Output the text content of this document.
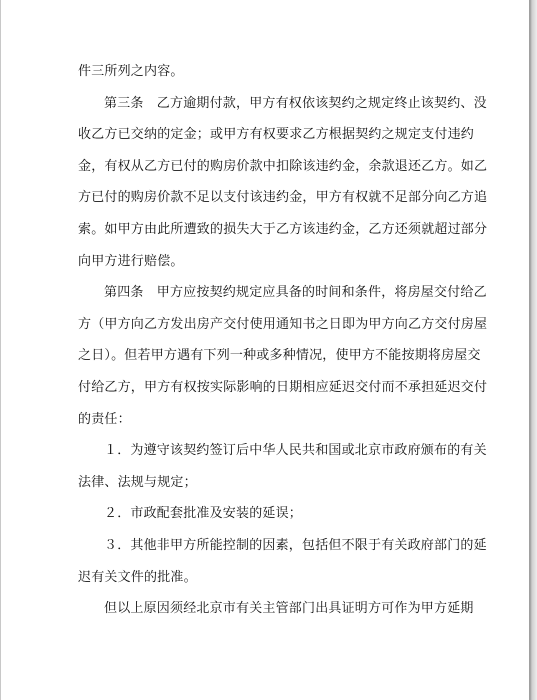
件三所列之内容。
第三条　乙方逾期付款，甲方有权依该契约之规定终止该契约、没
收乙方已交纳的定金；或甲方有权要求乙方根据契约之规定支付违约
金，有权从乙方已付的购房价款中扣除该违约金，余款退还乙方。如乙
方已付的购房价款不足以支付该违约金，甲方有权就不足部分向乙方追
索。如甲方由此所遭致的损失大于乙方该违约金，乙方还须就超过部分
向甲方进行赔偿。
第四条　甲方应按契约规定应具备的时间和条件，将房屋交付给乙
方（甲方向乙方发出房产交付使用通知书之日即为甲方向乙方交付房屋
之日）。但若甲方遇有下列一种或多种情况，使甲方不能按期将房屋交
付给乙方，甲方有权按实际影响的日期相应延迟交付而不承担延迟交付
的责任：
１．为遵守该契约签订后中华人民共和国或北京市政府颁布的有关
法律、法规与规定；
２．市政配套批准及安装的延误；
３．其他非甲方所能控制的因素，包括但不限于有关政府部门的延
迟有关文件的批准。
但以上原因须经北京市有关主管部门出具证明方可作为甲方延期
